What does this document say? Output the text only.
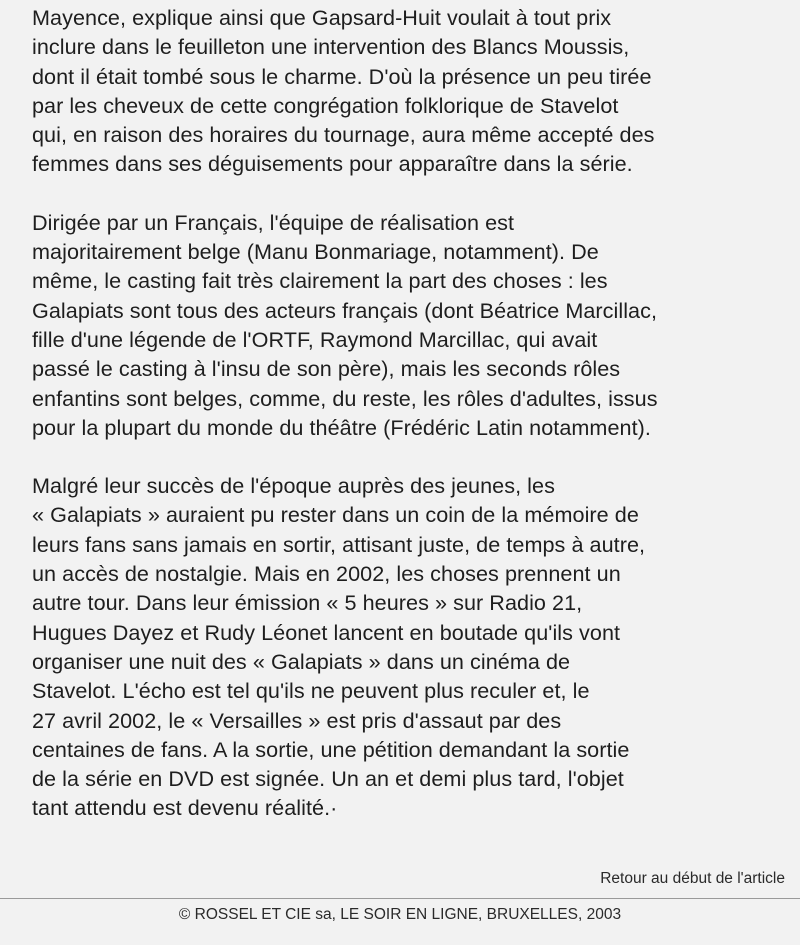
Mayence, explique ainsi que Gapsard-Huit voulait à tout prix
inclure dans le feuilleton une intervention des Blancs Moussis,
dont il était tombé sous le charme. D'où la présence un peu tirée
par les cheveux de cette congrégation folklorique de Stavelot
qui, en raison des horaires du tournage, aura même accepté des
femmes dans ses déguisements pour apparaître dans la série.

Dirigée par un Français, l'équipe de réalisation est
majoritairement belge (Manu Bonmariage, notamment). De
même, le casting fait très clairement la part des choses : les
Galapiats sont tous des acteurs français (dont Béatrice Marcillac,
fille d'une légende de l'ORTF, Raymond Marcillac, qui avait
passé le casting à l'insu de son père), mais les seconds rôles
enfantins sont belges, comme, du reste, les rôles d'adultes, issus
pour la plupart du monde du théâtre (Frédéric Latin notamment).

Malgré leur succès de l'époque auprès des jeunes, les
« Galapiats » auraient pu rester dans un coin de la mémoire de
leurs fans sans jamais en sortir, attisant juste, de temps à autre,
un accès de nostalgie. Mais en 2002, les choses prennent un
autre tour. Dans leur émission « 5 heures » sur Radio 21,
Hugues Dayez et Rudy Léonet lancent en boutade qu'ils vont
organiser une nuit des « Galapiats » dans un cinéma de
Stavelot. L'écho est tel qu'ils ne peuvent plus reculer et, le
27 avril 2002, le « Versailles » est pris d'assaut par des
centaines de fans. A la sortie, une pétition demandant la sortie
de la série en DVD est signée. Un an et demi plus tard, l'objet
tant attendu est devenu réalité.·

Retour au début de l'article
© ROSSEL ET CIE sa, LE SOIR EN LIGNE, BRUXELLES, 2003
